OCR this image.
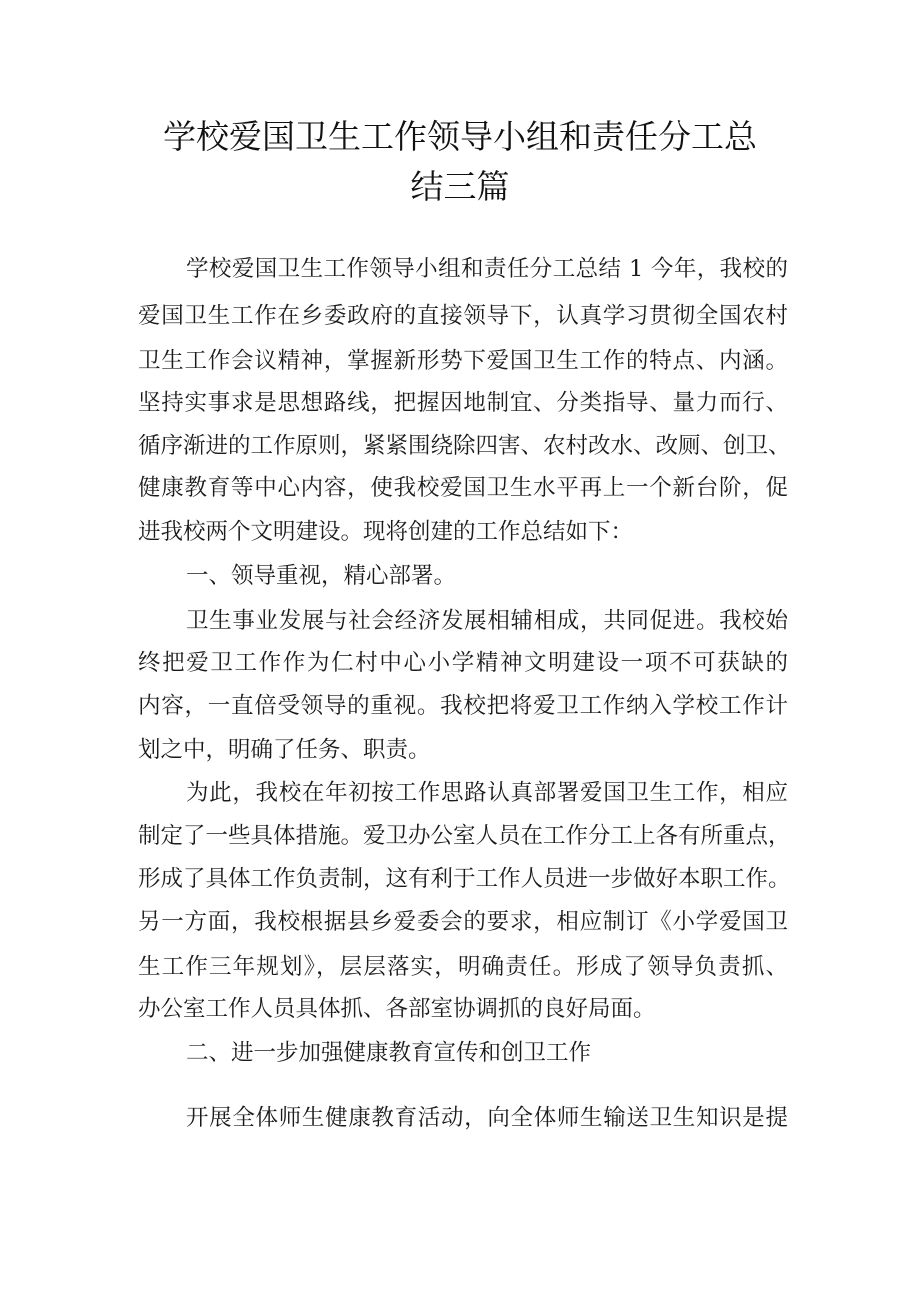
学校爱国卫生工作领导小组和责任分工总
结三篇
学校爱国卫生工作领导小组和责任分工总结 1 今年，我校的
爱国卫生工作在乡委政府的直接领导下，认真学习贯彻全国农村
卫生工作会议精神，掌握新形势下爱国卫生工作的特点、内涵。
坚持实事求是思想路线，把握因地制宜、分类指导、量力而行、
循序渐进的工作原则，紧紧围绕除四害、农村改水、改厕、创卫、
健康教育等中心内容，使我校爱国卫生水平再上一个新台阶，促
进我校两个文明建设。现将创建的工作总结如下：
一、领导重视，精心部署。
卫生事业发展与社会经济发展相辅相成，共同促进。我校始
终把爱卫工作作为仁村中心小学精神文明建设一项不可获缺的
内容，一直倍受领导的重视。我校把将爱卫工作纳入学校工作计
划之中，明确了任务、职责。
为此，我校在年初按工作思路认真部署爱国卫生工作，相应
制定了一些具体措施。爱卫办公室人员在工作分工上各有所重点，
形成了具体工作负责制，这有利于工作人员进一步做好本职工作。
另一方面，我校根据县乡爱委会的要求，相应制订《小学爱国卫
生工作三年规划》，层层落实，明确责任。形成了领导负责抓、
办公室工作人员具体抓、各部室协调抓的良好局面。
二、进一步加强健康教育宣传和创卫工作
开展全体师生健康教育活动，向全体师生输送卫生知识是提
